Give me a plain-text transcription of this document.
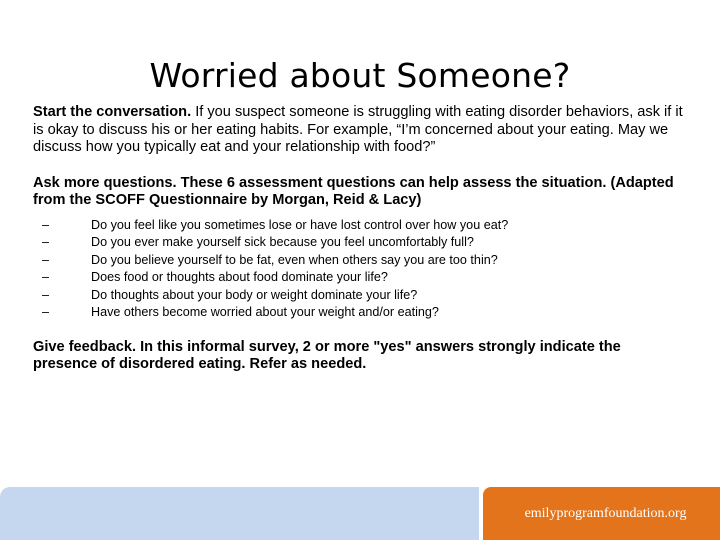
Worried about Someone?

Start the conversation. If you suspect someone is struggling with eating disorder behaviors, ask if it is okay to discuss his or her eating habits. For example, “I’m concerned about your eating. May we discuss how you typically eat and your relationship with food?”

Ask more questions. These 6 assessment questions can help assess the situation. (Adapted from the SCOFF Questionnaire by Morgan, Reid & Lacy)

–	Do you feel like you sometimes lose or have lost control over how you eat?
–	Do you ever make yourself sick because you feel uncomfortably full?
–	Do you believe yourself to be fat, even when others say you are too thin?
–	Does food or thoughts about food dominate your life?
–	Do thoughts about your body or weight dominate your life?
–	Have others become worried about your weight and/or eating?

Give feedback. In this informal survey, 2 or more "yes" answers strongly indicate the presence of disordered eating. Refer as needed.

emilyprogramfoundation.org
